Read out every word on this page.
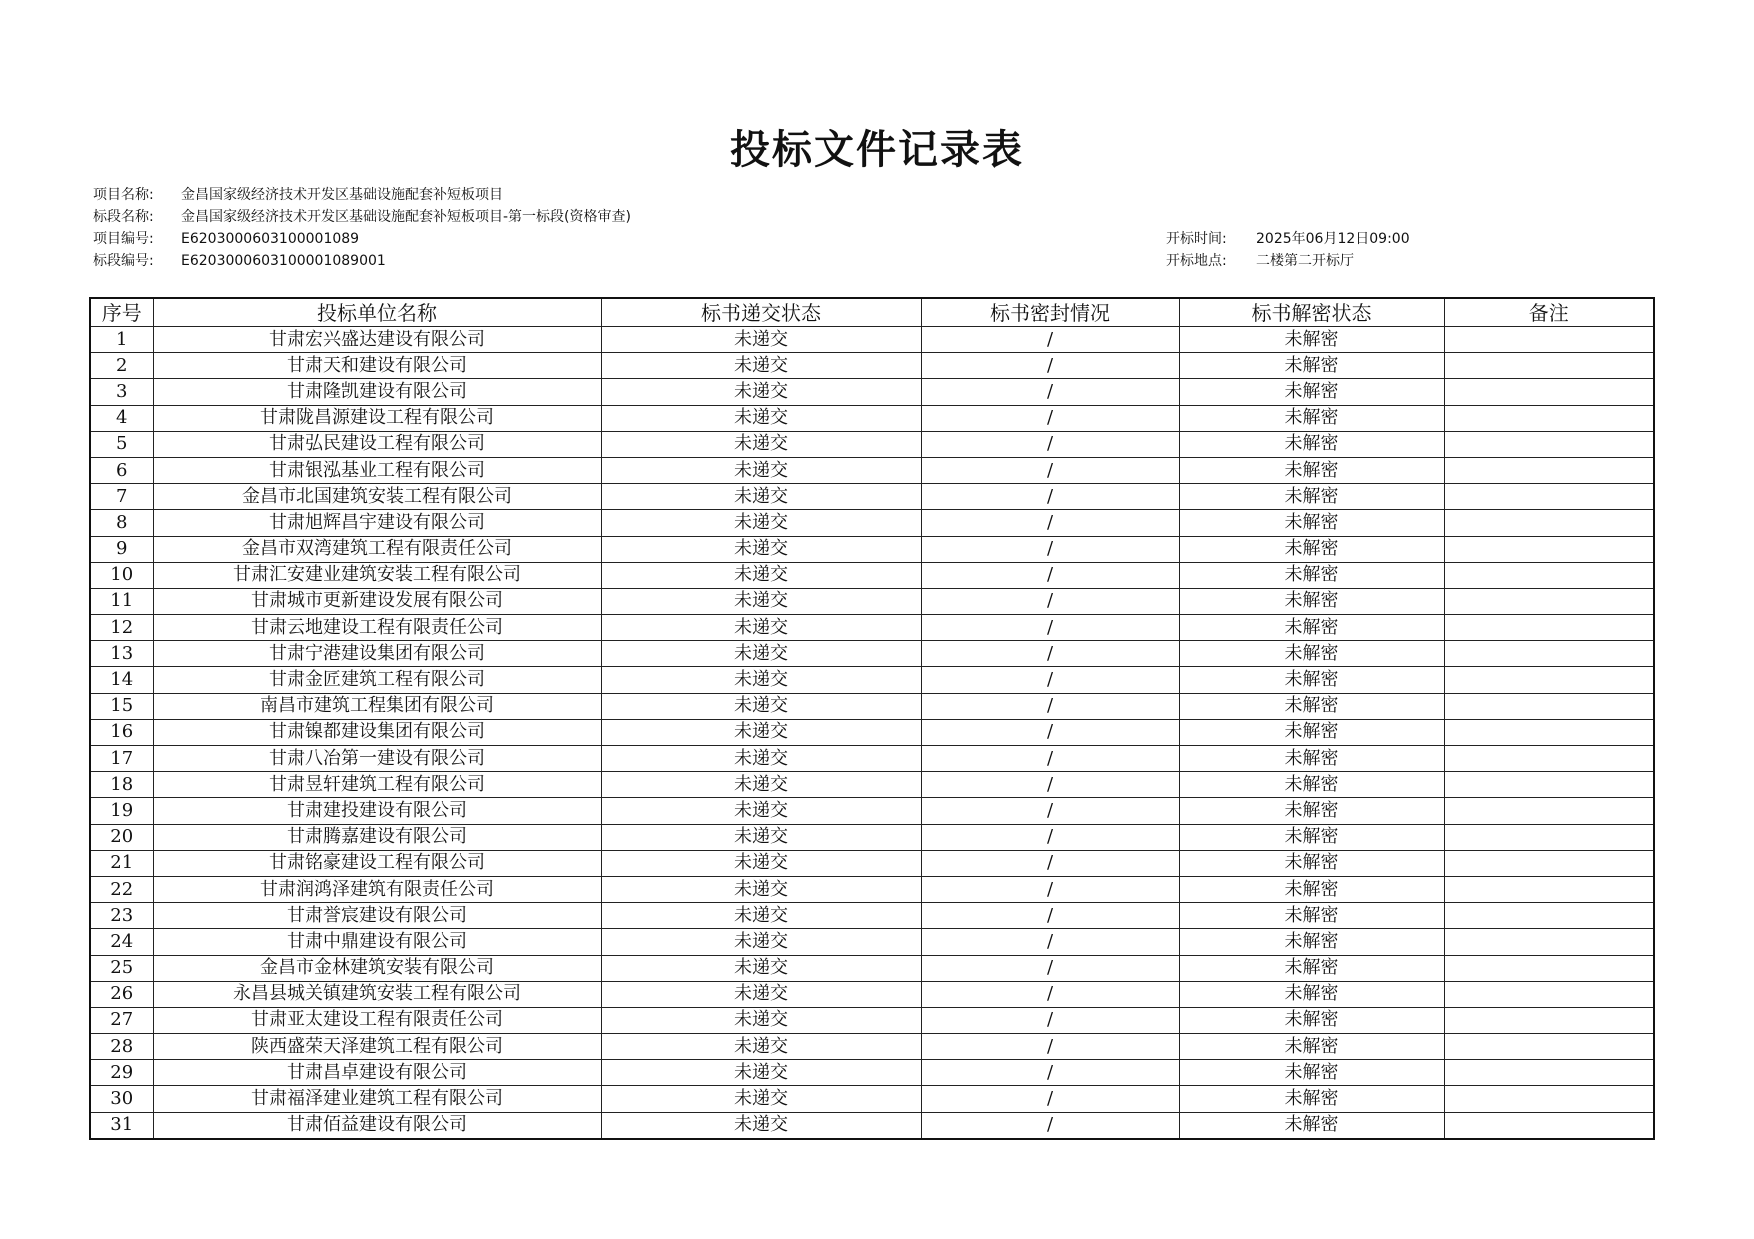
投标文件记录表
项目名称: 金昌国家级经济技术开发区基础设施配套补短板项目
标段名称: 金昌国家级经济技术开发区基础设施配套补短板项目-第一标段(资格审查)
项目编号: E6203000603100001089
标段编号: E6203000603100001089001
开标时间: 2025年06月12日09:00
开标地点: 二楼第二开标厅
序号	投标单位名称	标书递交状态	标书密封情况	标书解密状态	备注
1	甘肃宏兴盛达建设有限公司	未递交	/	未解密	
2	甘肃天和建设有限公司	未递交	/	未解密	
3	甘肃隆凯建设有限公司	未递交	/	未解密	
4	甘肃陇昌源建设工程有限公司	未递交	/	未解密	
5	甘肃弘民建设工程有限公司	未递交	/	未解密	
6	甘肃银泓基业工程有限公司	未递交	/	未解密	
7	金昌市北国建筑安装工程有限公司	未递交	/	未解密	
8	甘肃旭辉昌宇建设有限公司	未递交	/	未解密	
9	金昌市双湾建筑工程有限责任公司	未递交	/	未解密	
10	甘肃汇安建业建筑安装工程有限公司	未递交	/	未解密	
11	甘肃城市更新建设发展有限公司	未递交	/	未解密	
12	甘肃云地建设工程有限责任公司	未递交	/	未解密	
13	甘肃宁港建设集团有限公司	未递交	/	未解密	
14	甘肃金匠建筑工程有限公司	未递交	/	未解密	
15	南昌市建筑工程集团有限公司	未递交	/	未解密	
16	甘肃镍都建设集团有限公司	未递交	/	未解密	
17	甘肃八冶第一建设有限公司	未递交	/	未解密	
18	甘肃昱轩建筑工程有限公司	未递交	/	未解密	
19	甘肃建投建设有限公司	未递交	/	未解密	
20	甘肃腾嘉建设有限公司	未递交	/	未解密	
21	甘肃铭豪建设工程有限公司	未递交	/	未解密	
22	甘肃润鸿泽建筑有限责任公司	未递交	/	未解密	
23	甘肃誉宸建设有限公司	未递交	/	未解密	
24	甘肃中鼎建设有限公司	未递交	/	未解密	
25	金昌市金林建筑安装有限公司	未递交	/	未解密	
26	永昌县城关镇建筑安装工程有限公司	未递交	/	未解密	
27	甘肃亚太建设工程有限责任公司	未递交	/	未解密	
28	陕西盛荣天泽建筑工程有限公司	未递交	/	未解密	
29	甘肃昌卓建设有限公司	未递交	/	未解密	
30	甘肃福泽建业建筑工程有限公司	未递交	/	未解密	
31	甘肃佰益建设有限公司	未递交	/	未解密	
